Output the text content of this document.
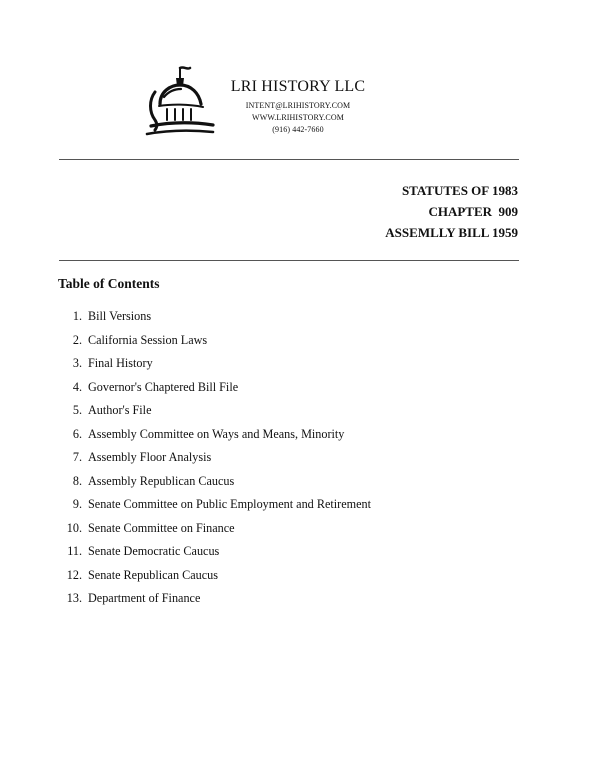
LRI HISTORY LLC
INTENT@LRIHISTORY.COM
WWW.LRIHISTORY.COM
(916) 442-7660
STATUTES OF 1983
CHAPTER  909
ASSEMLLY BILL 1959
Table of Contents
1. Bill Versions
2. California Session Laws
3. Final History
4. Governor's Chaptered Bill File
5. Author's File
6. Assembly Committee on Ways and Means, Minority
7. Assembly Floor Analysis
8. Assembly Republican Caucus
9. Senate Committee on Public Employment and Retirement
10. Senate Committee on Finance
11. Senate Democratic Caucus
12. Senate Republican Caucus
13. Department of Finance
